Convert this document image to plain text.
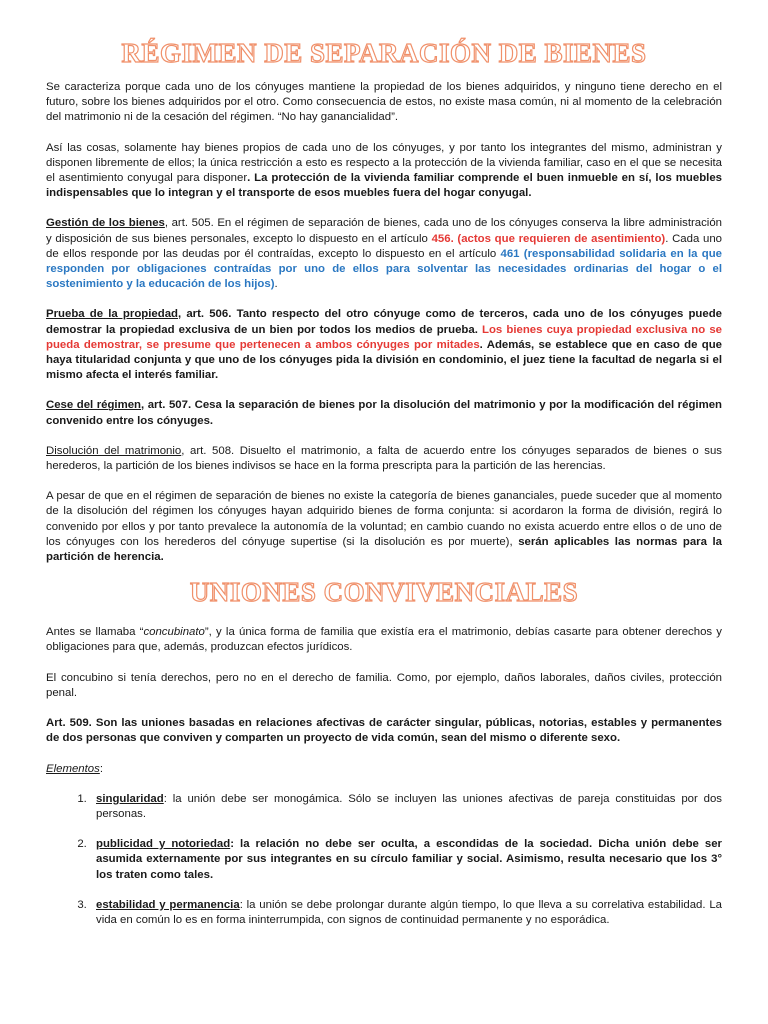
RÉGIMEN DE SEPARACIÓN DE BIENES

Se caracteriza porque cada uno de los cónyuges mantiene la propiedad de los bienes adquiridos, y ninguno tiene derecho en el futuro, sobre los bienes adquiridos por el otro. Como consecuencia de estos, no existe masa común, ni al momento de la celebración del matrimonio ni de la cesación del régimen. “No hay ganancialidad”.

Así las cosas, solamente hay bienes propios de cada uno de los cónyuges, y por tanto los integrantes del mismo, administran y disponen libremente de ellos; la única restricción a esto es respecto a la protección de la vivienda familiar, caso en el que se necesita el asentimiento conyugal para disponer. La protección de la vivienda familiar comprende el buen inmueble en sí, los muebles indispensables que lo integran y el transporte de esos muebles fuera del hogar conyugal.

Gestión de los bienes, art. 505. En el régimen de separación de bienes, cada uno de los cónyuges conserva la libre administración y disposición de sus bienes personales, excepto lo dispuesto en el artículo 456. (actos que requieren de asentimiento). Cada uno de ellos responde por las deudas por él contraídas, excepto lo dispuesto en el artículo 461 (responsabilidad solidaria en la que responden por obligaciones contraídas por uno de ellos para solventar las necesidades ordinarias del hogar o el sostenimiento y la educación de los hijos).

Prueba de la propiedad, art. 506. Tanto respecto del otro cónyuge como de terceros, cada uno de los cónyuges puede demostrar la propiedad exclusiva de un bien por todos los medios de prueba. Los bienes cuya propiedad exclusiva no se pueda demostrar, se presume que pertenecen a ambos cónyuges por mitades. Además, se establece que en caso de que haya titularidad conjunta y que uno de los cónyuges pida la división en condominio, el juez tiene la facultad de negarla si el mismo afecta el interés familiar.

Cese del régimen, art. 507. Cesa la separación de bienes por la disolución del matrimonio y por la modificación del régimen convenido entre los cónyuges.

Disolución del matrimonio, art. 508. Disuelto el matrimonio, a falta de acuerdo entre los cónyuges separados de bienes o sus herederos, la partición de los bienes indivisos se hace en la forma prescripta para la partición de las herencias.

A pesar de que en el régimen de separación de bienes no existe la categoría de bienes gananciales, puede suceder que al momento de la disolución del régimen los cónyuges hayan adquirido bienes de forma conjunta: si acordaron la forma de división, regirá lo convenido por ellos y por tanto prevalece la autonomía de la voluntad; en cambio cuando no exista acuerdo entre ellos o de uno de los cónyuges con los herederos del cónyuge supertise (si la disolución es por muerte), serán aplicables las normas para la partición de herencia.

UNIONES CONVIVENCIALES

Antes se llamaba “concubinato”, y la única forma de familia que existía era el matrimonio, debías casarte para obtener derechos y obligaciones para que, además, produzcan efectos jurídicos.

El concubino si tenía derechos, pero no en el derecho de familia. Como, por ejemplo, daños laborales, daños civiles, protección penal.

Art. 509. Son las uniones basadas en relaciones afectivas de carácter singular, públicas, notorias, estables y permanentes de dos personas que conviven y comparten un proyecto de vida común, sean del mismo o diferente sexo.

Elementos:

1. singularidad: la unión debe ser monogámica. Sólo se incluyen las uniones afectivas de pareja constituidas por dos personas.
2. publicidad y notoriedad: la relación no debe ser oculta, a escondidas de la sociedad. Dicha unión debe ser asumida externamente por sus integrantes en su círculo familiar y social. Asimismo, resulta necesario que los 3° los traten como tales.
3. estabilidad y permanencia: la unión se debe prolongar durante algún tiempo, lo que lleva a su correlativa estabilidad. La vida en común lo es en forma ininterrumpida, con signos de continuidad permanente y no esporádica.
